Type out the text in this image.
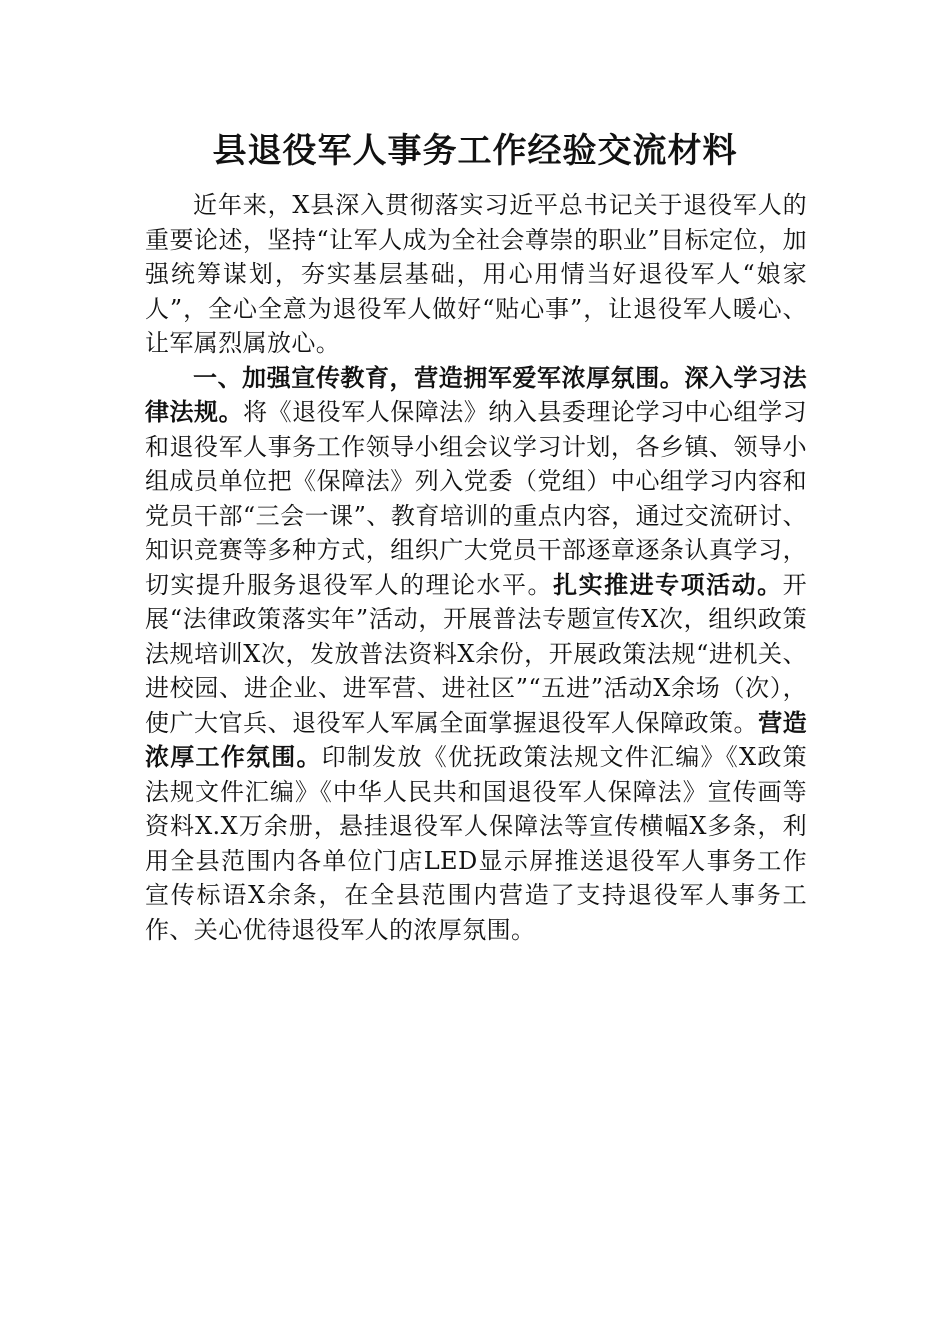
县退役军人事务工作经验交流材料

近年来，X县深入贯彻落实习近平总书记关于退役军人的重要论述，坚持“让军人成为全社会尊崇的职业”目标定位，加强统筹谋划，夯实基层基础，用心用情当好退役军人“娘家人”，全心全意为退役军人做好“贴心事”，让退役军人暖心、让军属烈属放心。

一、加强宣传教育，营造拥军爱军浓厚氛围。深入学习法律法规。将《退役军人保障法》纳入县委理论学习中心组学习和退役军人事务工作领导小组会议学习计划，各乡镇、领导小组成员单位把《保障法》列入党委（党组）中心组学习内容和党员干部“三会一课”、教育培训的重点内容，通过交流研讨、知识竞赛等多种方式，组织广大党员干部逐章逐条认真学习，切实提升服务退役军人的理论水平。扎实推进专项活动。开展“法律政策落实年”活动，开展普法专题宣传X次，组织政策法规培训X次，发放普法资料X余份，开展政策法规“进机关、进校园、进企业、进军营、进社区”“五进”活动X余场（次），使广大官兵、退役军人军属全面掌握退役军人保障政策。营造浓厚工作氛围。印制发放《优抚政策法规文件汇编》《X政策法规文件汇编》《中华人民共和国退役军人保障法》宣传画等资料X.X万余册，悬挂退役军人保障法等宣传横幅X多条，利用全县范围内各单位门店LED显示屏推送退役军人事务工作宣传标语X余条，在全县范围内营造了支持退役军人事务工作、关心优待退役军人的浓厚氛围。
